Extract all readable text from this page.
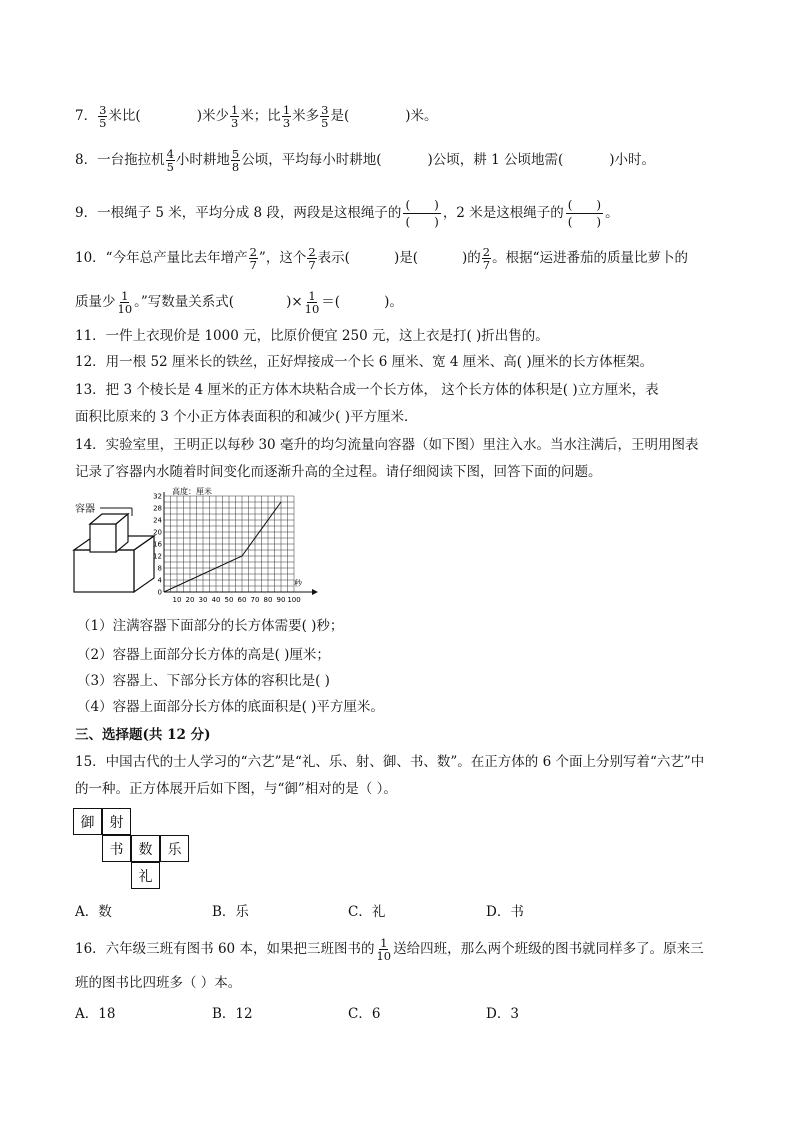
7． $\frac{3}{5}$ 米比(	)米少 $\frac{1}{3}$ 米；比 $\frac{1}{3}$ 米多 $\frac{3}{5}$ 是(	)米。
8．一台拖拉机 $\frac{4}{5}$ 小时耕地 $\frac{5}{8}$ 公顷，平均每小时耕地(	)公顷，耕 1 公顷地需(	)小时。
9．一根绳子 5 米，平均分成 8 段，两段是这根绳子的 $\frac{( )}{( )}$ ，2 米是这根绳子的 $\frac{( )}{( )}$ 。
10．“今年总产量比去年增产 $\frac{2}{7}$ ”，这个 $\frac{2}{7}$ 表示(	)是(	)的 $\frac{2}{7}$ 。根据“运进番茄的质量比萝卜的
质量少 $\frac{1}{10}$ 。”写数量关系式(	)× $\frac{1}{10}$ ＝(	)。
11．一件上衣现价是 1000 元，比原价便宜 250 元，这上衣是打( )折出售的。
12．用一根 52 厘米长的铁丝，正好焊接成一个长 6 厘米、宽 4 厘米、高( )厘米的长方体框架。
13．把 3 个棱长是 4 厘米的正方体木块粘合成一个长方体， 这个长方体的体积是( )立方厘米，表
面积比原来的 3 个小正方体表面积的和减少( )平方厘米．
14．实验室里，王明正以每秒 30 毫升的均匀流量向容器（如下图）里注入水。当水注满后，王明用图表
记录了容器内水随着时间变化而逐渐升高的全过程。请仔细阅读下图，回答下面的问题。
容器
高度：厘米
秒
32
28
24
20
16
12
8
4
0
10 20 30 40 50 60 70 80 90 100
（1）注满容器下面部分的长方体需要( )秒；
（2）容器上面部分长方体的高是( )厘米；
（3）容器上、下部分长方体的容积比是( )
（4）容器上面部分长方体的底面积是( )平方厘米。
三、选择题(共 12 分)
15．中国古代的士人学习的“六艺”是“礼、乐、射、御、书、数”。在正方体的 6 个面上分别写着“六艺”中
的一种。正方体展开后如下图，与“御”相对的是（ ）。
御	射
书	数	乐
礼
A．数	B．乐	C．礼	D．书
16．六年级三班有图书 60 本，如果把三班图书的 $\frac{1}{10}$ 送给四班，那么两个班级的图书就同样多了。原来三
班的图书比四班多（ ）本。
A．18	B．12	C．6	D．3
